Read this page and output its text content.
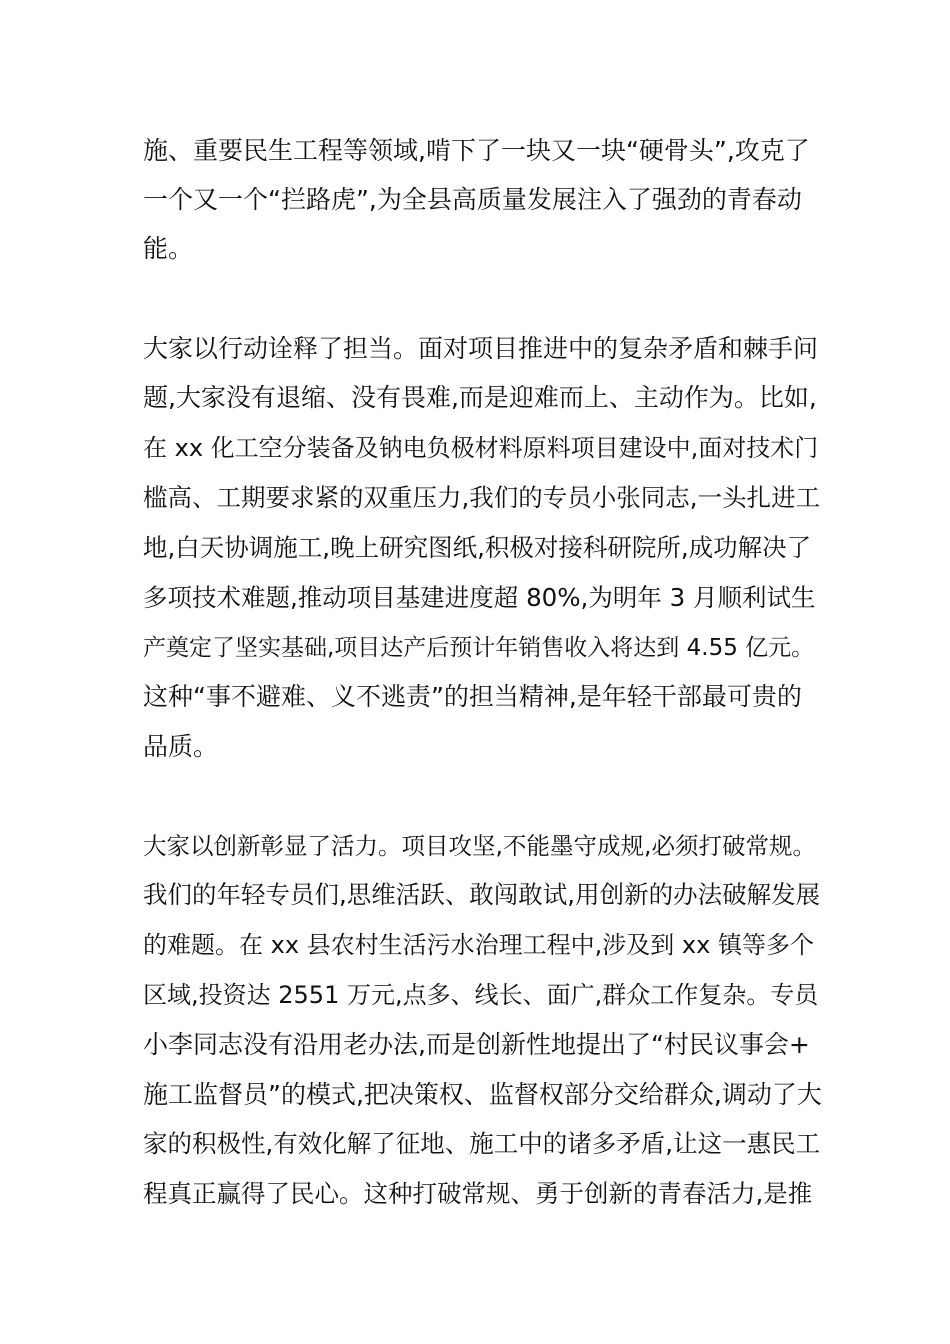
施、重要民生工程等领域,啃下了一块又一块“硬骨头”,攻克了
一个又一个“拦路虎”,为全县高质量发展注入了强劲的青春动
能。
大家以行动诠释了担当。面对项目推进中的复杂矛盾和棘手问
题,大家没有退缩、没有畏难,而是迎难而上、主动作为。比如,
在 xx 化工空分装备及钠电负极材料原料项目建设中,面对技术门
槛高、工期要求紧的双重压力,我们的专员小张同志,一头扎进工
地,白天协调施工,晚上研究图纸,积极对接科研院所,成功解决了
多项技术难题,推动项目基建进度超 80%,为明年 3 月顺利试生
产奠定了坚实基础,项目达产后预计年销售收入将达到 4.55 亿元。
这种“事不避难、义不逃责”的担当精神,是年轻干部最可贵的
品质。
大家以创新彰显了活力。项目攻坚,不能墨守成规,必须打破常规。
我们的年轻专员们,思维活跃、敢闯敢试,用创新的办法破解发展
的难题。在 xx 县农村生活污水治理工程中,涉及到 xx 镇等多个
区域,投资达 2551 万元,点多、线长、面广,群众工作复杂。专员
小李同志没有沿用老办法,而是创新性地提出了“村民议事会+
施工监督员”的模式,把决策权、监督权部分交给群众,调动了大
家的积极性,有效化解了征地、施工中的诸多矛盾,让这一惠民工
程真正赢得了民心。这种打破常规、勇于创新的青春活力,是推
